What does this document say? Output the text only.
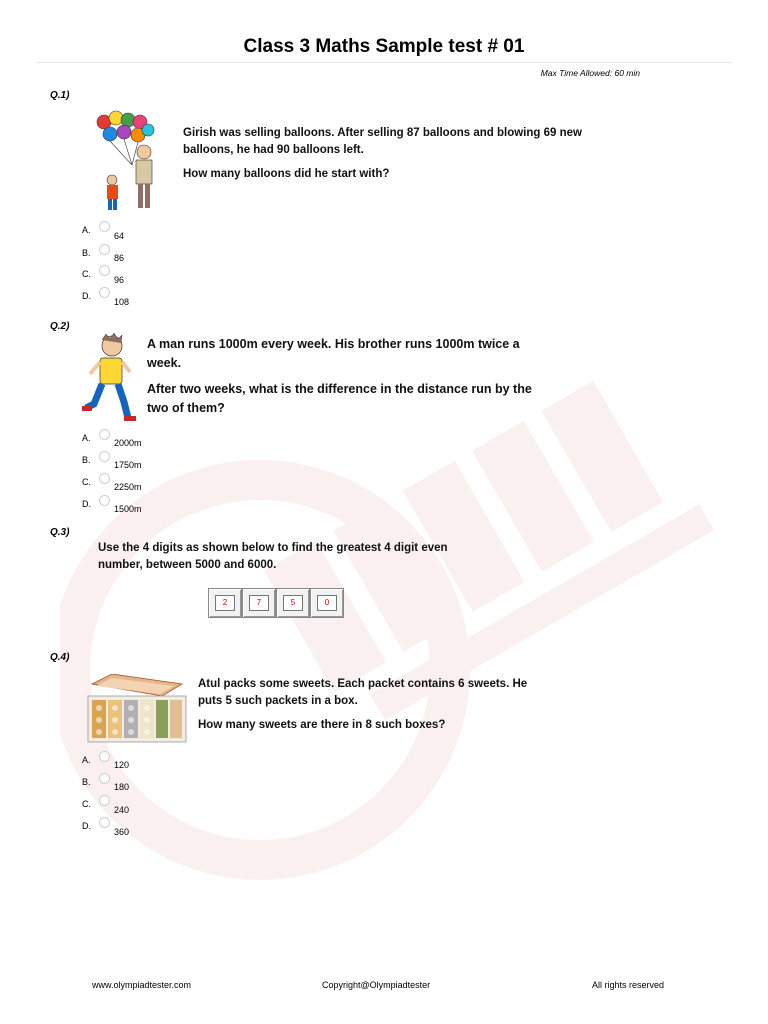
Class 3 Maths Sample test # 01
Max Time Allowed: 60 min
Q.1)

Girish was selling balloons. After selling 87 balloons and blowing 69 new

balloons, he had 90 balloons left.

How many balloons did he start with?

A.
64
B.	86
C.
96
D.
108
Q.2)

A man runs 1000m every week. His brother runs 1000m twice a

week.

After two weeks, what is the difference in the distance run by the

two of them?

A.	2000m
B.	1750m
C.	2250m
D.	1500m
Q.3)

Use the 4 digits as shown below to find the greatest 4 digit even

number, between 5000 and 6000.

2	7	5	0
Q.4)

Atul packs some sweets. Each packet contains 6 sweets. He

puts 5 such packets in a box.

How many sweets are there in 8 such boxes?

A.	120
B.	180
C.
240
D.
360
www.olympiadtester.com	Copyright@Olympiadtester	All rights reserved
